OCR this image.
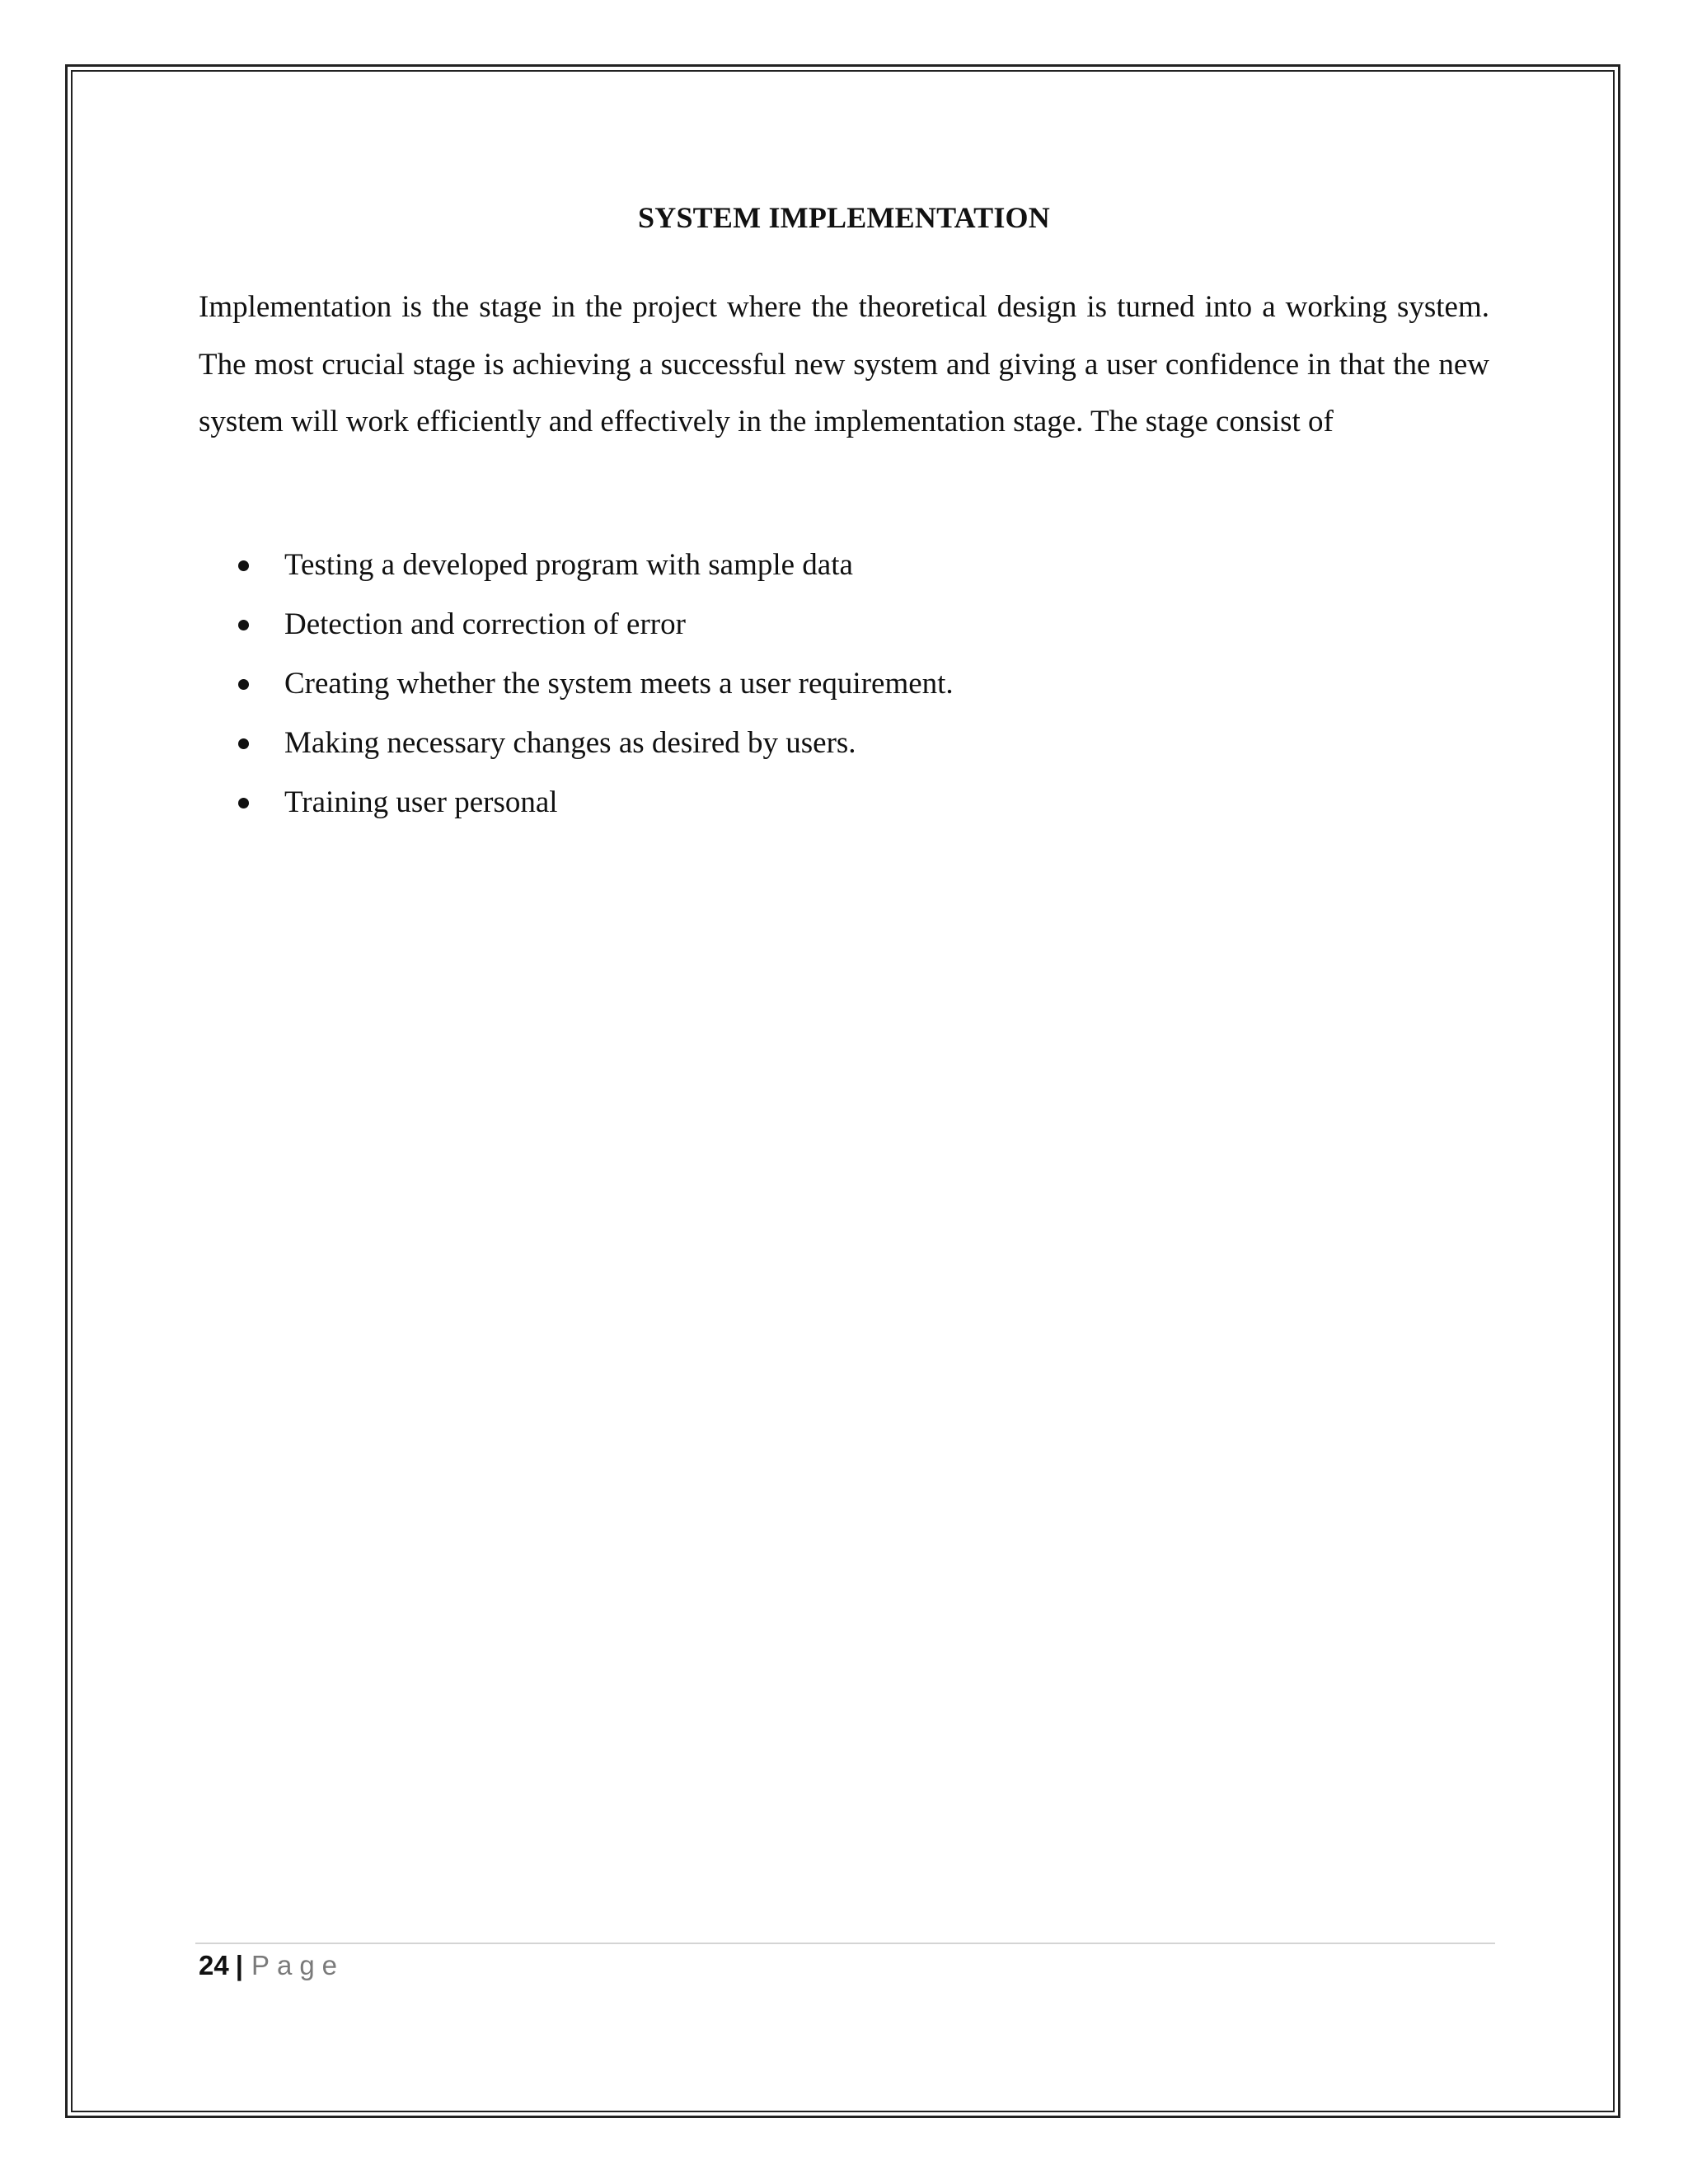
SYSTEM IMPLEMENTATION

Implementation is the stage in the project where the theoretical design is turned into a working system. The most crucial stage is achieving a successful new system and giving a user confidence in that the new system will work efficiently and effectively in the implementation stage. The stage consist of

Testing a developed program with sample data
Detection and correction of error
Creating whether the system meets a user requirement.
Making necessary changes as desired by users.
Training user personal
24 | Page
